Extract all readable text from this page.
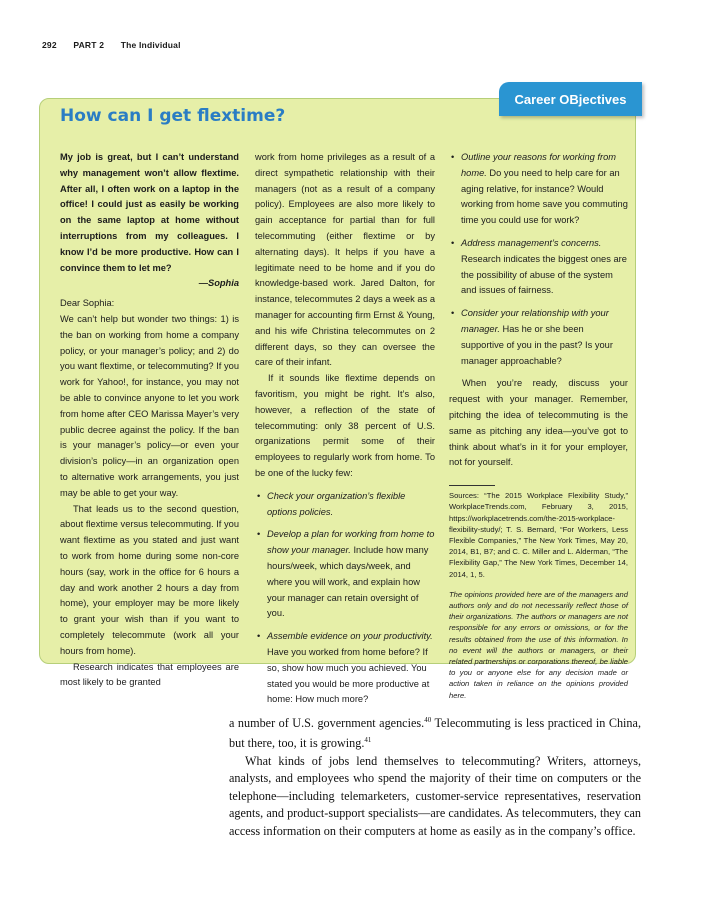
292 PART 2 The Individual
Career OBjectives
How can I get flextime?

My job is great, but I can’t understand why management won’t allow flextime. After all, I often work on a laptop in the office! I could just as easily be working on the same laptop at home without interruptions from my colleagues. I know I’d be more productive. How can I convince them to let me?

—Sophia

Dear Sophia:

We can’t help but wonder two things: 1) is the ban on working from home a company policy, or your manager’s policy; and 2) do you want flextime, or telecommuting? If you work for Yahoo!, for instance, you may not be able to convince anyone to let you work from home after CEO Marissa Mayer’s very public decree against the policy. If the ban is your manager’s policy—or even your division’s policy—in an organization open to alternative work arrangements, you just may be able to get your way.

That leads us to the second question, about flextime versus telecommuting. If you want flextime as you stated and just want to work from home during some non-core hours (say, work in the office for 6 hours a day and work another 2 hours a day from home), your employer may be more likely to grant your wish than if you want to completely telecommute (work all your hours from home).

Research indicates that employees are most likely to be granted

work from home privileges as a result of a direct sympathetic relationship with their managers (not as a result of a company policy). Employees are also more likely to gain acceptance for partial than for full telecommuting (either flextime or by alternating days). It helps if you have a legitimate need to be home and if you do knowledge-based work. Jared Dalton, for instance, telecommutes 2 days a week as a manager for accounting firm Ernst & Young, and his wife Christina telecommutes on 2 different days, so they can oversee the care of their infant.

If it sounds like flextime depends on favoritism, you might be right. It’s also, however, a reflection of the state of telecommuting: only 38 percent of U.S. organizations permit some of their employees to regularly work from home. To be one of the lucky few:

• Check your organization’s flexible options policies.
• Develop a plan for working from home to show your manager. Include how many hours/week, which days/week, and where you will work, and explain how your manager can retain oversight of you.
• Assemble evidence on your productivity. Have you worked from home before? If so, show how much you achieved. You stated you would be more productive at home: How much more?
• Outline your reasons for working from home. Do you need to help care for an aging relative, for instance? Would working from home save you commuting time you could use for work?
• Address management’s concerns. Research indicates the biggest ones are the possibility of abuse of the system and issues of fairness.
• Consider your relationship with your manager. Has he or she been supportive of you in the past? Is your manager approachable?

When you’re ready, discuss your request with your manager. Remember, pitching the idea of telecommuting is the same as pitching any idea—you’ve got to think about what’s in it for your employer, not for yourself.

Sources: “The 2015 Workplace Flexibility Study,” WorkplaceTrends.com, February 3, 2015, https://workplacetrends.com/the-2015-workplace-flexibility-study/; T. S. Bernard, “For Workers, Less Flexible Companies,” The New York Times, May 20, 2014, B1, B7; and C. C. Miller and L. Alderman, “The Flexibility Gap,” The New York Times, December 14, 2014, 1, 5.

The opinions provided here are of the managers and authors only and do not necessarily reflect those of their organizations. The authors or managers are not responsible for any errors or omissions, or for the results obtained from the use of this information. In no event will the authors or managers, or their related partnerships or corporations thereof, be liable to you or anyone else for any decision made or action taken in reliance on the opinions provided here.

a number of U.S. government agencies.$^{40}$ Telecommuting is less practiced in China, but there, too, it is growing.$^{41}$

What kinds of jobs lend themselves to telecommuting? Writers, attorneys, analysts, and employees who spend the majority of their time on computers or the telephone—including telemarketers, customer-service representatives, reservation agents, and product-support specialists—are candidates. As telecommuters, they can access information on their computers at home as easily as in the company’s office.
